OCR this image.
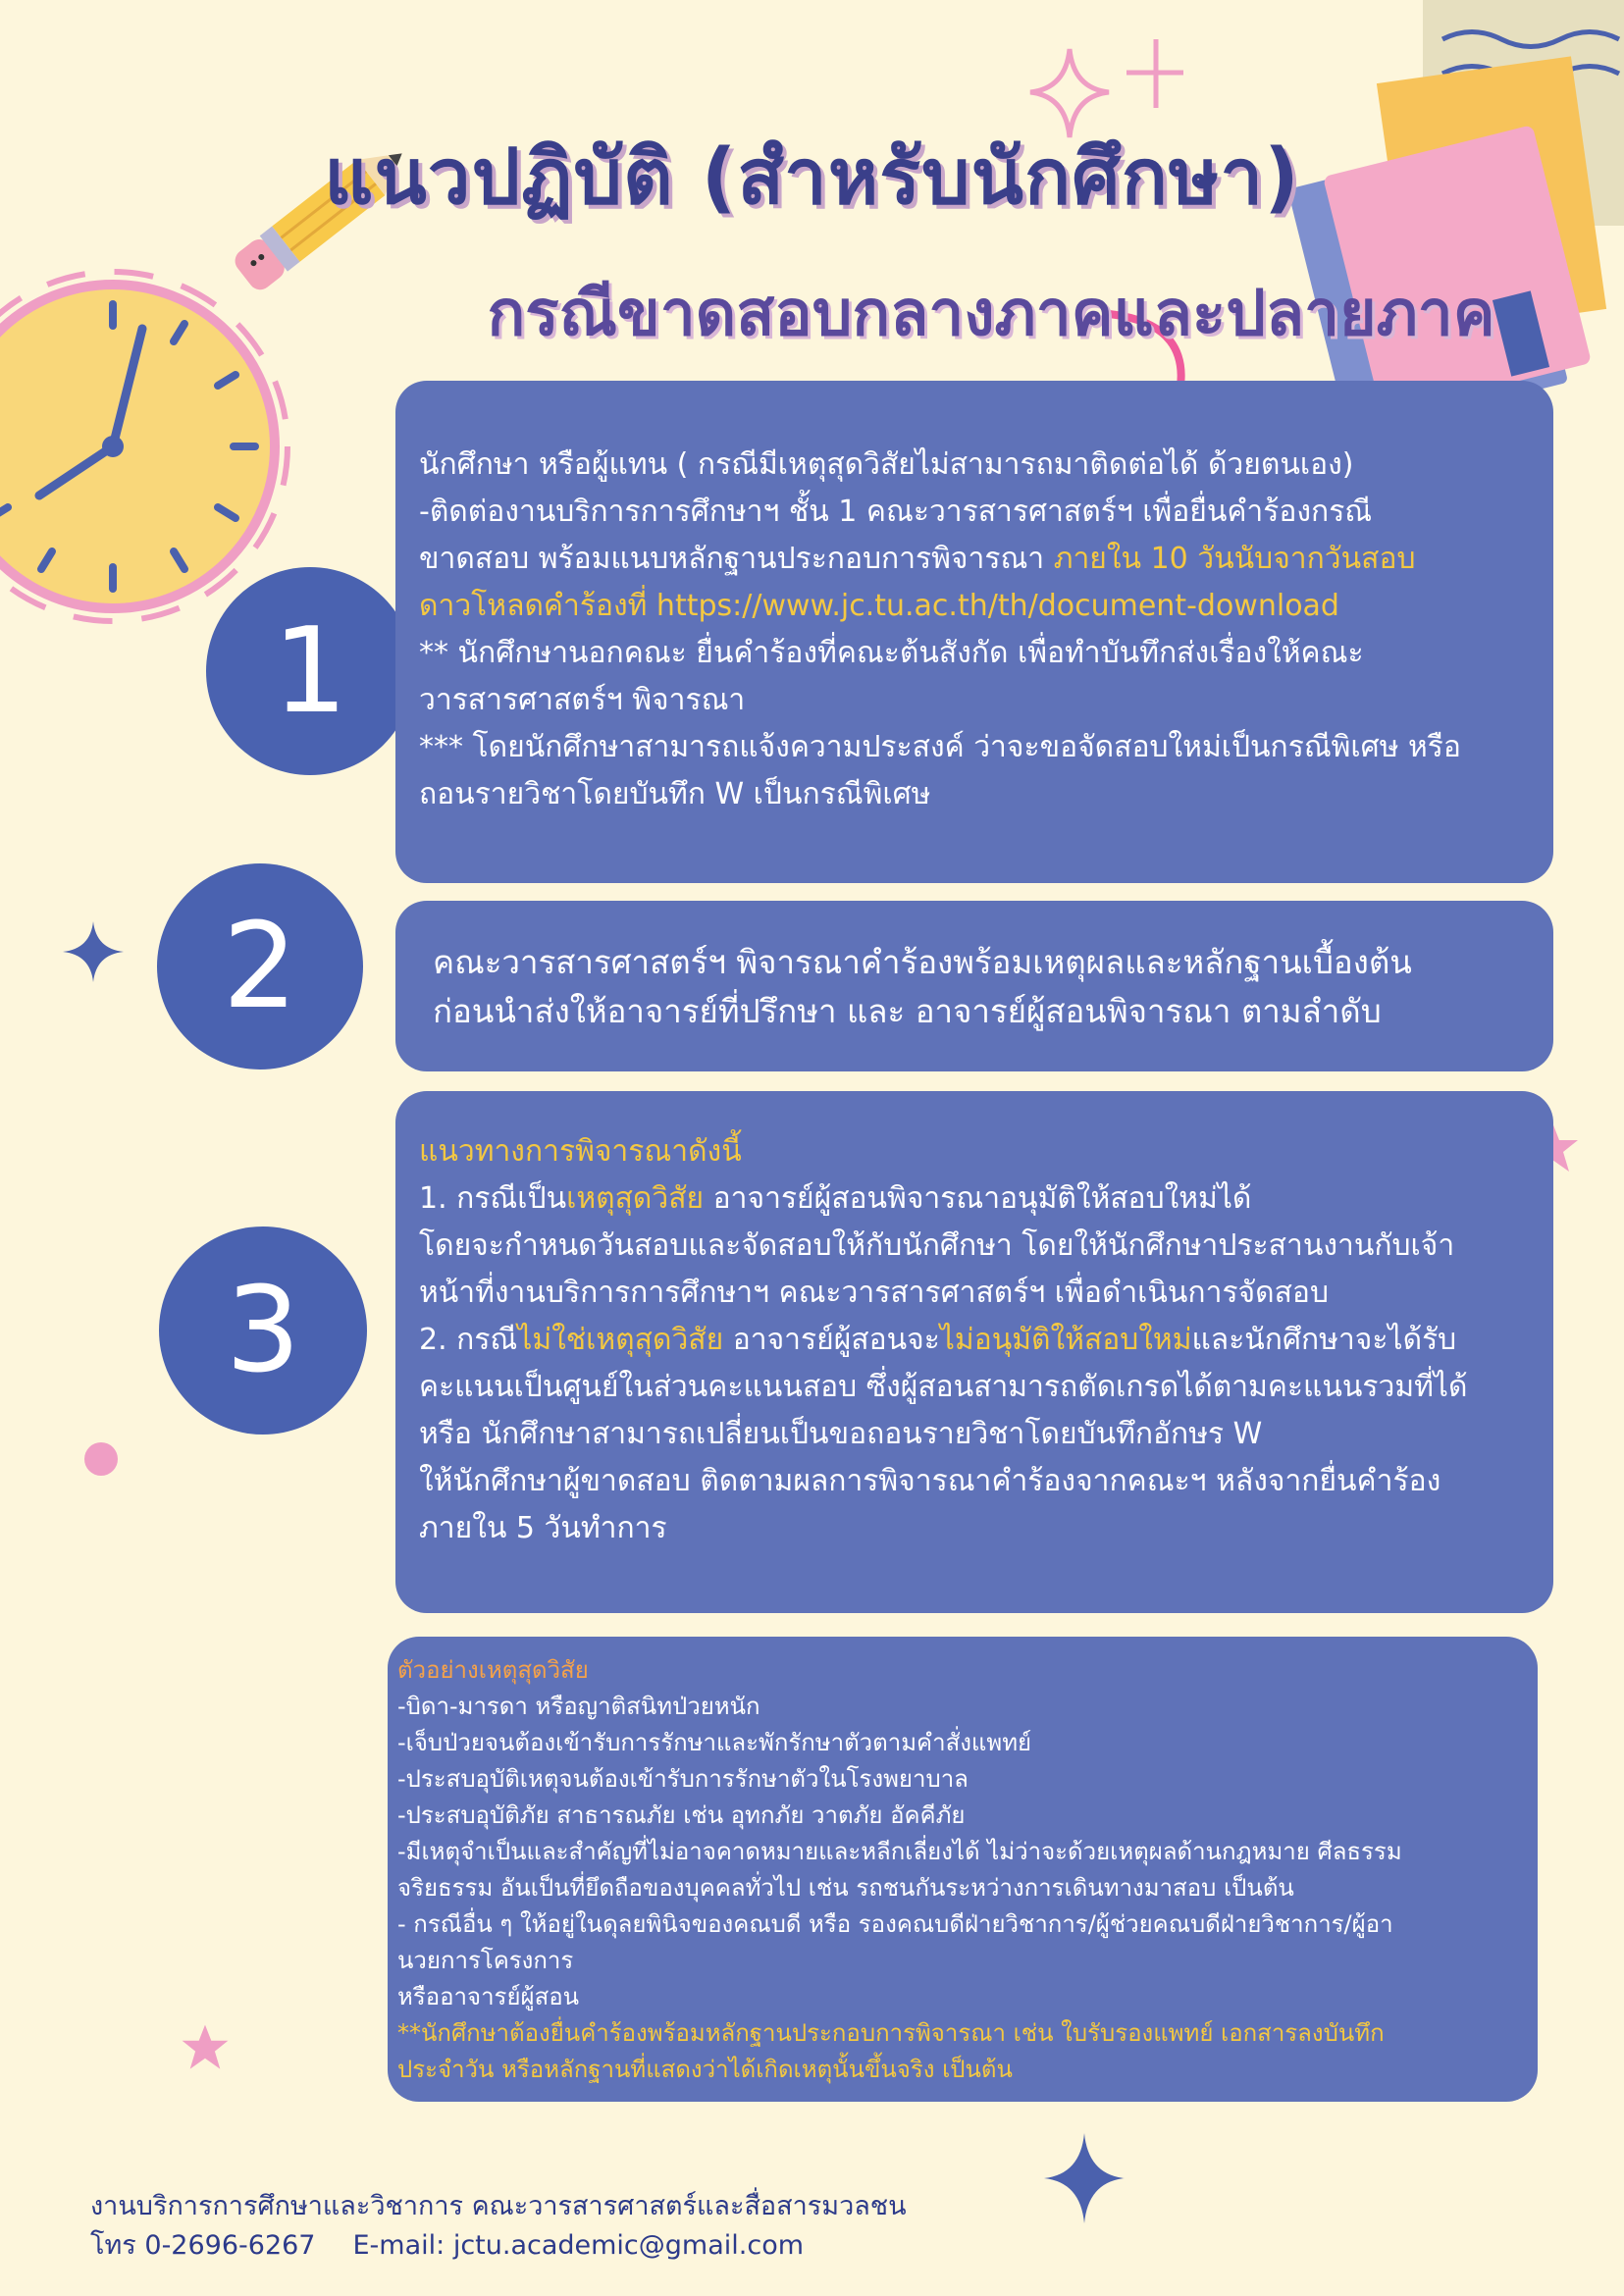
แนวปฏิบัติ (สำหรับนักศึกษา)
กรณีขาดสอบกลางภาคและปลายภาค
1
2
3
นักศึกษา หรือผู้แทน ( กรณีมีเหตุสุดวิสัยไม่สามารถมาติดต่อได้ ด้วยตนเอง)
-ติดต่องานบริการการศึกษาฯ ชั้น 1 คณะวารสารศาสตร์ฯ เพื่อยื่นคำร้องกรณี
ขาดสอบ พร้อมแนบหลักฐานประกอบการพิจารณา ภายใน 10 วันนับจากวันสอบ
ดาวโหลดคำร้องที่ https://www.jc.tu.ac.th/th/document-download
** นักศึกษานอกคณะ ยื่นคำร้องที่คณะต้นสังกัด เพื่อทำบันทึกส่งเรื่องให้คณะ
วารสารศาสตร์ฯ พิจารณา
*** โดยนักศึกษาสามารถแจ้งความประสงค์ ว่าจะขอจัดสอบใหม่เป็นกรณีพิเศษ หรือ
ถอนรายวิชาโดยบันทึก W เป็นกรณีพิเศษ
คณะวารสารศาสตร์ฯ พิจารณาคำร้องพร้อมเหตุผลและหลักฐานเบื้องต้น
ก่อนนำส่งให้อาจารย์ที่ปรึกษา และ อาจารย์ผู้สอนพิจารณา ตามลำดับ
แนวทางการพิจารณาดังนี้
1. กรณีเป็นเหตุสุดวิสัย อาจารย์ผู้สอนพิจารณาอนุมัติให้สอบใหม่ได้
โดยจะกำหนดวันสอบและจัดสอบให้กับนักศึกษา โดยให้นักศึกษาประสานงานกับเจ้า
หน้าที่งานบริการการศึกษาฯ คณะวารสารศาสตร์ฯ เพื่อดำเนินการจัดสอบ
2. กรณีไม่ใช่เหตุสุดวิสัย อาจารย์ผู้สอนจะไม่อนุมัติให้สอบใหม่และนักศึกษาจะได้รับ
คะแนนเป็นศูนย์ในส่วนคะแนนสอบ ซึ่งผู้สอนสามารถตัดเกรดได้ตามคะแนนรวมที่ได้
หรือ นักศึกษาสามารถเปลี่ยนเป็นขอถอนรายวิชาโดยบันทึกอักษร W
ให้นักศึกษาผู้ขาดสอบ ติดตามผลการพิจารณาคำร้องจากคณะฯ หลังจากยื่นคำร้อง
ภายใน 5 วันทำการ
ตัวอย่างเหตุสุดวิสัย
-บิดา-มารดา หรือญาติสนิทป่วยหนัก
-เจ็บป่วยจนต้องเข้ารับการรักษาและพักรักษาตัวตามคำสั่งแพทย์
-ประสบอุบัติเหตุจนต้องเข้ารับการรักษาตัวในโรงพยาบาล
-ประสบอุบัติภัย สาธารณภัย เช่น อุทกภัย วาตภัย อัคคีภัย
-มีเหตุจำเป็นและสำคัญที่ไม่อาจคาดหมายและหลีกเลี่ยงได้ ไม่ว่าจะด้วยเหตุผลด้านกฎหมาย ศีลธรรม
จริยธรรม อันเป็นที่ยึดถือของบุคคลทั่วไป เช่น รถชนกันระหว่างการเดินทางมาสอบ เป็นต้น
- กรณีอื่น ๆ ให้อยู่ในดุลยพินิจของคณบดี หรือ รองคณบดีฝ่ายวิชาการ/ผู้ช่วยคณบดีฝ่ายวิชาการ/ผู้อา
นวยการโครงการ
หรืออาจารย์ผู้สอน
**นักศึกษาต้องยื่นคำร้องพร้อมหลักฐานประกอบการพิจารณา เช่น ใบรับรองแพทย์ เอกสารลงบันทึก
ประจำวัน หรือหลักฐานที่แสดงว่าได้เกิดเหตุนั้นขึ้นจริง เป็นต้น
งานบริการการศึกษาและวิชาการ คณะวารสารศาสตร์และสื่อสารมวลชน
โทร 0-2696-6267 E-mail: jctu.academic@gmail.com
